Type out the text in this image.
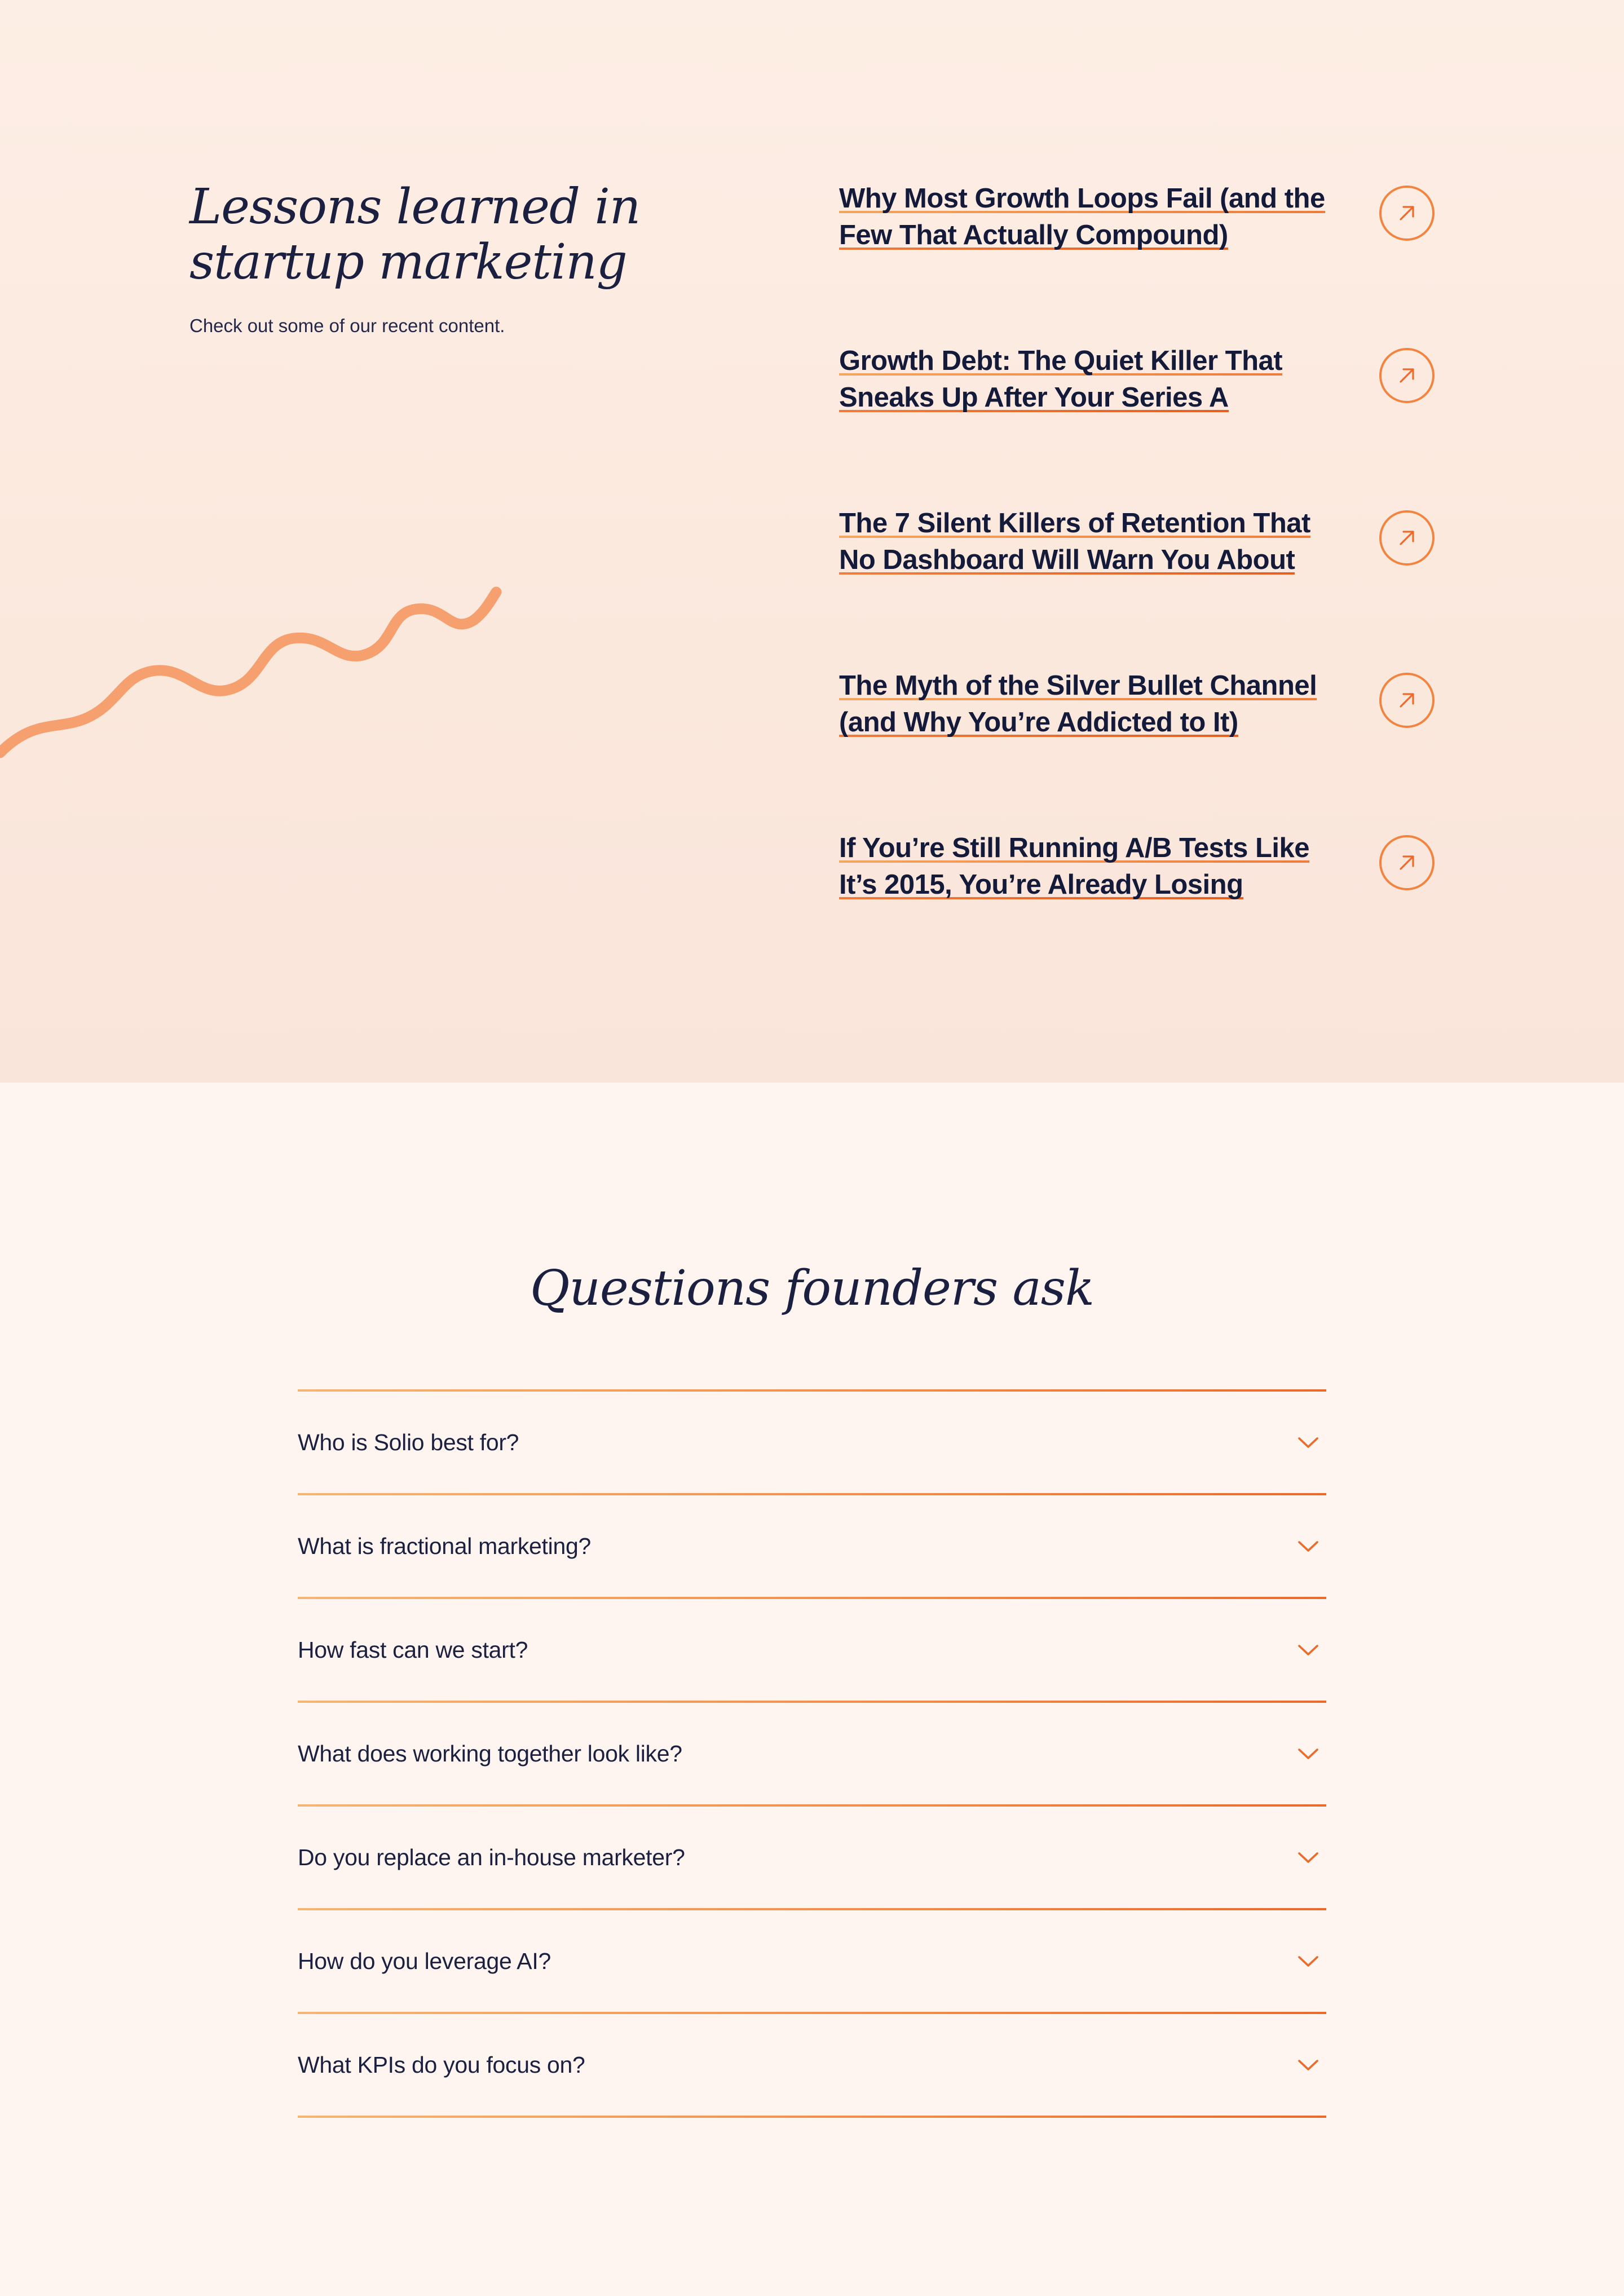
Lessons learned in
startup marketing

Check out some of our recent content.

Why Most Growth Loops Fail (and the Few That Actually Compound)
Growth Debt: The Quiet Killer That Sneaks Up After Your Series A
The 7 Silent Killers of Retention That No Dashboard Will Warn You About
The Myth of the Silver Bullet Channel (and Why You’re Addicted to It)
If You’re Still Running A/B Tests Like It’s 2015, You’re Already Losing
Questions founders ask
Who is Solio best for?
What is fractional marketing?
How fast can we start?
What does working together look like?
Do you replace an in-house marketer?
How do you leverage AI?
What KPIs do you focus on?
